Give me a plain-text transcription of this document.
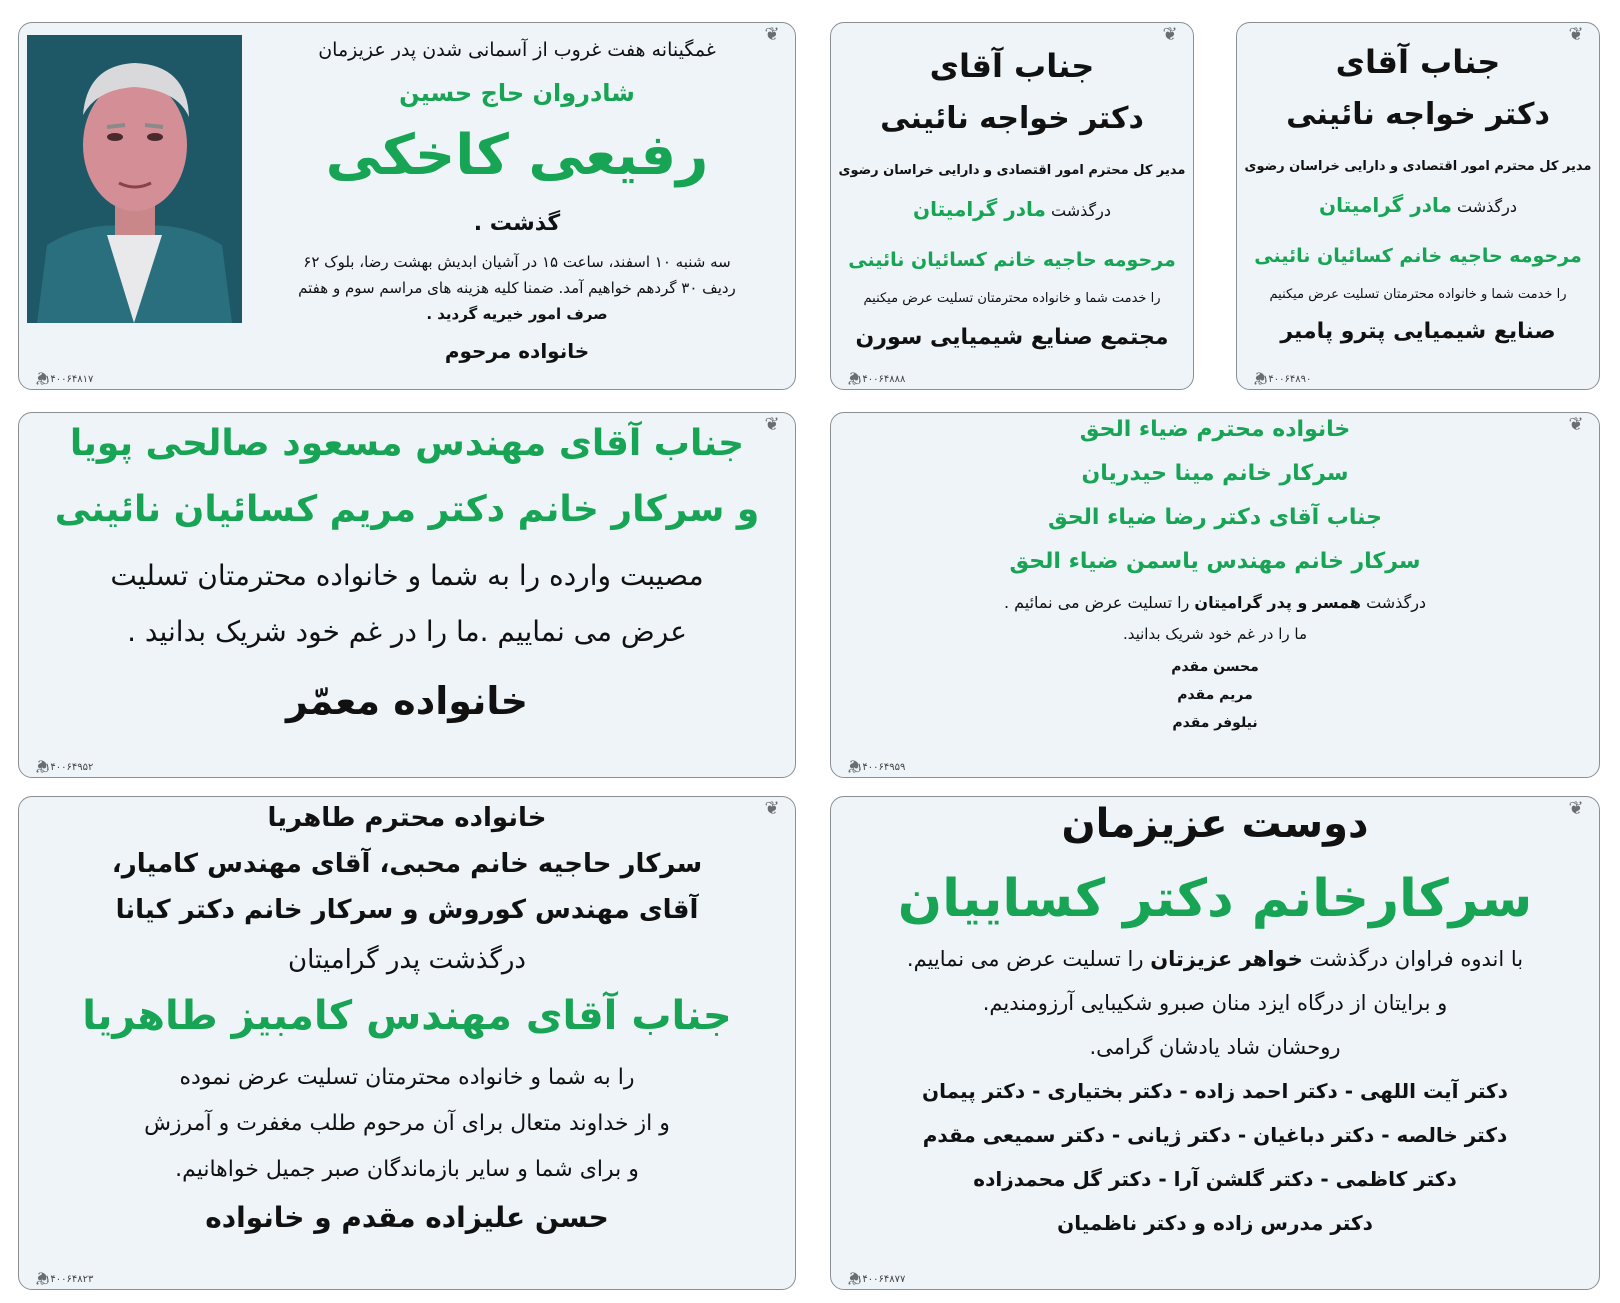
❦
❦
غمگینانه هفت غروب از آسمانی شدن پدر عزیزمان
شادروان حاج حسین
رفیعی کاخکی
گذشت .
سه شنبه ۱۰ اسفند، ساعت ۱۵ در آشیان ابدیش بهشت رضا، بلوک ۶۲
ردیف ۳۰ گردهم خواهیم آمد. ضمنا کلیه هزینه های مراسم سوم و هفتم
صرف امور خیریه گردید .
خانواده مرحوم
۱۴۰۰۶۴۸۱۷
❦
❦
جناب آقای
دکتر خواجه نائینی
مدیر کل محترم امور اقتصادی و دارایی خراسان رضوی
درگذشت مادر گرامیتان
مرحومه حاجیه خانم کسائیان نائینی
را خدمت شما و خانواده محترمتان تسلیت عرض میکنیم
مجتمع صنایع شیمیایی سورن
۱۴۰۰۶۴۸۸۸
❦
❦
جناب آقای
دکتر خواجه نائینی
مدیر کل محترم امور اقتصادی و دارایی خراسان رضوی
درگذشت مادر گرامیتان
مرحومه حاجیه خانم کسائیان نائینی
را خدمت شما و خانواده محترمتان تسلیت عرض میکنیم
صنایع شیمیایی پترو پامیر
۱۴۰۰۶۴۸۹۰
❦
❦
جناب آقای مهندس مسعود صالحی پویا
و سرکار خانم دکتر مریم کسائیان نائینی
مصیبت وارده را به شما و خانواده محترمتان تسلیت
عرض می نماییم .ما را در غم خود شریک بدانید .
خانواده معمّر
۱۴۰۰۶۴۹۵۲
❦
❦
خانواده محترم ضیاء الحق
سرکار خانم مینا حیدریان
جناب آقای دکتر رضا ضیاء الحق
سرکار خانم مهندس یاسمن ضیاء الحق
درگذشت همسر و پدر گرامیتان را تسلیت عرض می نمائیم .
ما را در غم خود شریک بدانید.
محسن مقدم
مریم مقدم
نیلوفر مقدم
۱۴۰۰۶۴۹۵۹
❦
❦
خانواده محترم طاهریا
سرکار حاجیه خانم محبی، آقای مهندس کامیار،
آقای مهندس کوروش و سرکار خانم دکتر کیانا
درگذشت پدر گرامیتان
جناب آقای مهندس کامبیز طاهریا
را به شما و خانواده محترمتان تسلیت عرض نموده
و از خداوند متعال برای آن مرحوم طلب مغفرت و آمرزش
و برای شما و سایر بازماندگان صبر جمیل خواهانیم.
حسن علیزاده مقدم و خانواده
۱۴۰۰۶۴۸۲۳
❦
❦
دوست عزیزمان
سرکارخانم دکتر کساییان
با اندوه فراوان درگذشت خواهر عزیزتان را تسلیت عرض می نماییم.
و برایتان از درگاه ایزد منان صبرو شکیبایی آرزومندیم.
روحشان شاد یادشان گرامی.
دکتر آیت اللهی - دکتر احمد زاده - دکتر بختیاری - دکتر پیمان
دکتر خالصه - دکتر دباغیان - دکتر ژیانی - دکتر سمیعی مقدم
دکتر کاظمی - دکتر گلشن آرا - دکتر گل محمدزاده
دکتر مدرس زاده و دکتر ناظمیان
۱۴۰۰۶۴۸۷۷
